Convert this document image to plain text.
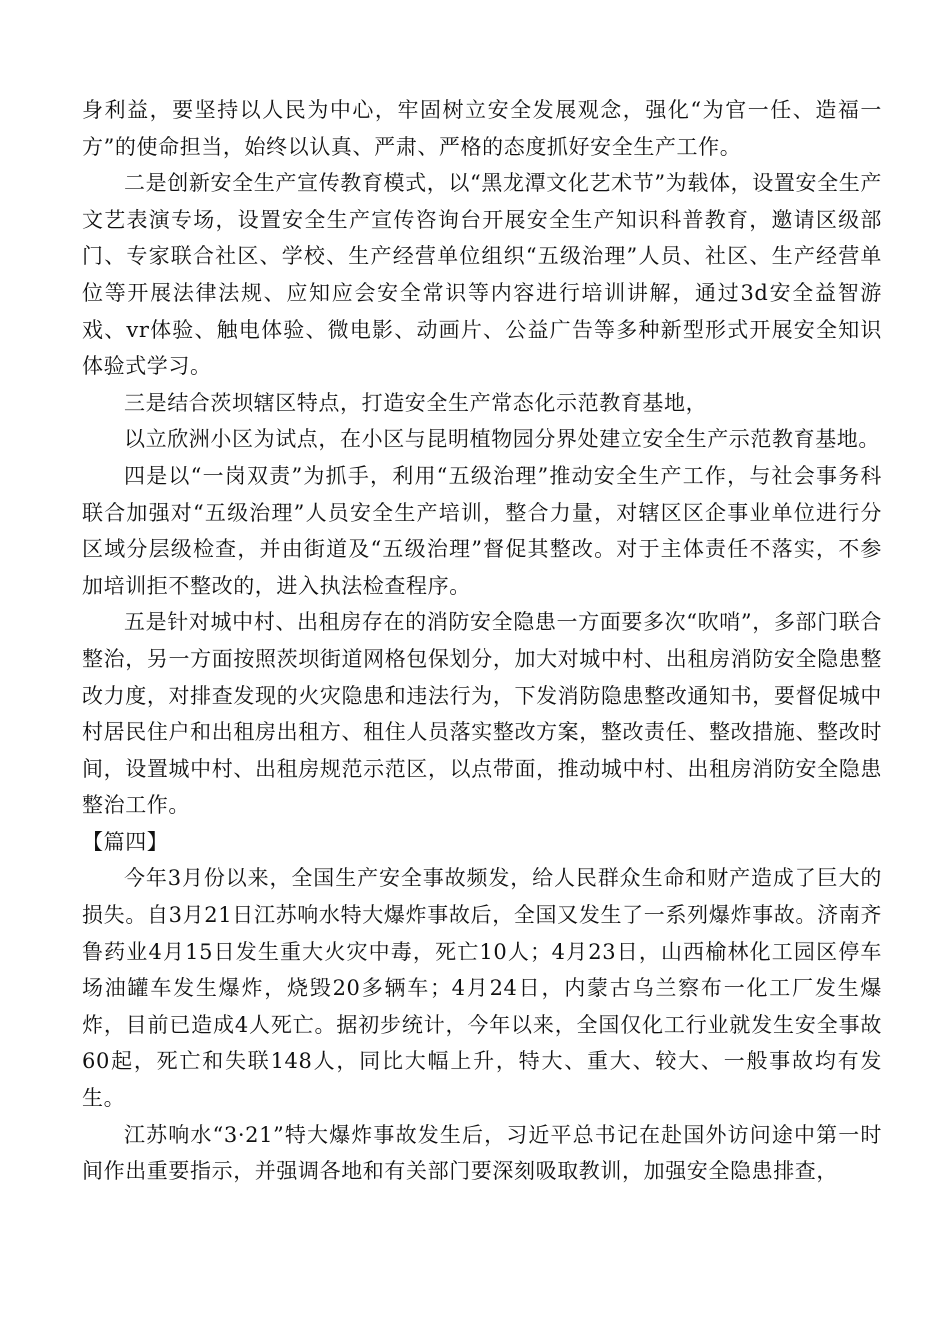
身利益，要坚持以人民为中心，牢固树立安全发展观念，强化“为官一任、造福一方”的使命担当，始终以认真、严肃、严格的态度抓好安全生产工作。

二是创新安全生产宣传教育模式，以“黑龙潭文化艺术节”为载体，设置安全生产文艺表演专场，设置安全生产宣传咨询台开展安全生产知识科普教育，邀请区级部门、专家联合社区、学校、生产经营单位组织“五级治理”人员、社区、生产经营单位等开展法律法规、应知应会安全常识等内容进行培训讲解，通过3d安全益智游戏、vr体验、触电体验、微电影、动画片、公益广告等多种新型形式开展安全知识体验式学习。

三是结合茨坝辖区特点，打造安全生产常态化示范教育基地，

以立欣洲小区为试点，在小区与昆明植物园分界处建立安全生产示范教育基地。

四是以“一岗双责”为抓手，利用“五级治理”推动安全生产工作，与社会事务科联合加强对“五级治理”人员安全生产培训，整合力量，对辖区区企事业单位进行分区域分层级检查，并由街道及“五级治理”督促其整改。对于主体责任不落实，不参加培训拒不整改的，进入执法检查程序。

五是针对城中村、出租房存在的消防安全隐患一方面要多次“吹哨”，多部门联合整治，另一方面按照茨坝街道网格包保划分，加大对城中村、出租房消防安全隐患整改力度，对排查发现的火灾隐患和违法行为，下发消防隐患整改通知书，要督促城中村居民住户和出租房出租方、租住人员落实整改方案，整改责任、整改措施、整改时间，设置城中村、出租房规范示范区，以点带面，推动城中村、出租房消防安全隐患整治工作。

【篇四】

今年3月份以来，全国生产安全事故频发，给人民群众生命和财产造成了巨大的损失。自3月21日江苏响水特大爆炸事故后，全国又发生了一系列爆炸事故。济南齐鲁药业4月15日发生重大火灾中毒，死亡10人；4月23日，山西榆林化工园区停车场油罐车发生爆炸，烧毁20多辆车；4月24日，内蒙古乌兰察布一化工厂发生爆炸，目前已造成4人死亡。据初步统计，今年以来，全国仅化工行业就发生安全事故60起，死亡和失联148人，同比大幅上升，特大、重大、较大、一般事故均有发生。

江苏响水“3·21”特大爆炸事故发生后，习近平总书记在赴国外访问途中第一时间作出重要指示，并强调各地和有关部门要深刻吸取教训，加强安全隐患排查，
